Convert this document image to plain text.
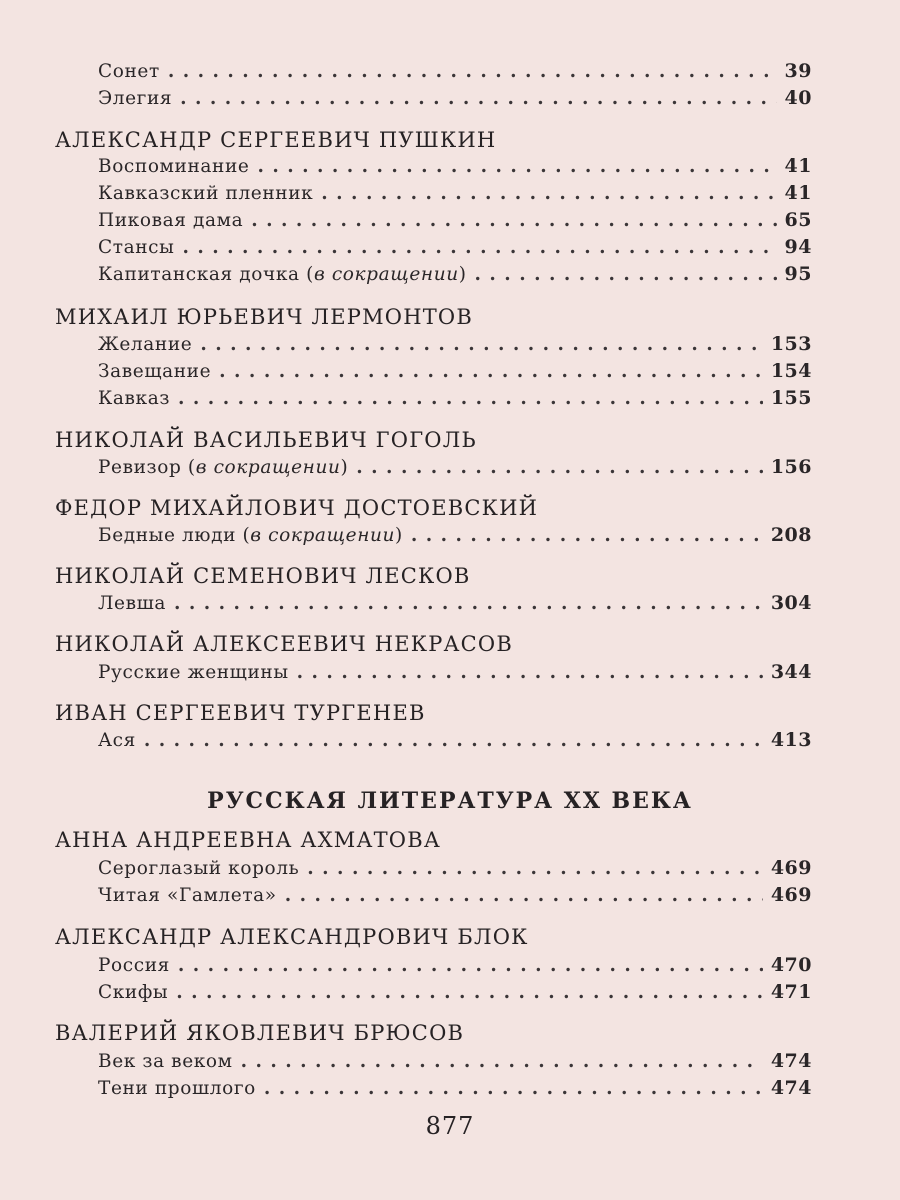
Сонет . . .	39
Элегия . . .	40
АЛЕКСАНДР СЕРГЕЕВИЧ ПУШКИН
Воспоминание . . .	41
Кавказский пленник . . .	41
Пиковая дама . . .	65
Стансы . . .	94
Капитанская дочка (в сокращении) . . .	95
МИХАИЛ ЮРЬЕВИЧ ЛЕРМОНТОВ
Желание . . .	153
Завещание . . .	154
Кавказ . . .	155
НИКОЛАЙ ВАСИЛЬЕВИЧ ГОГОЛЬ
Ревизор (в сокращении) . . .	156
ФЕДОР МИХАЙЛОВИЧ ДОСТОЕВСКИЙ
Бедные люди (в сокращении) . . .	208
НИКОЛАЙ СЕМЕНОВИЧ ЛЕСКОВ
Левша . . .	304
НИКОЛАЙ АЛЕКСЕЕВИЧ НЕКРАСОВ
Русские женщины . . .	344
ИВАН СЕРГЕЕВИЧ ТУРГЕНЕВ
Ася . . .	413
РУССКАЯ ЛИТЕРАТУРА XX ВЕКА
АННА АНДРЕЕВНА АХМАТОВА
Сероглазый король . . .	469
Читая «Гамлета» . . .	469
АЛЕКСАНДР АЛЕКСАНДРОВИЧ БЛОК
Россия . . .	470
Скифы . . .	471
ВАЛЕРИЙ ЯКОВЛЕВИЧ БРЮСОВ
Век за веком . . .	474
Тени прошлого . . .	474
877
